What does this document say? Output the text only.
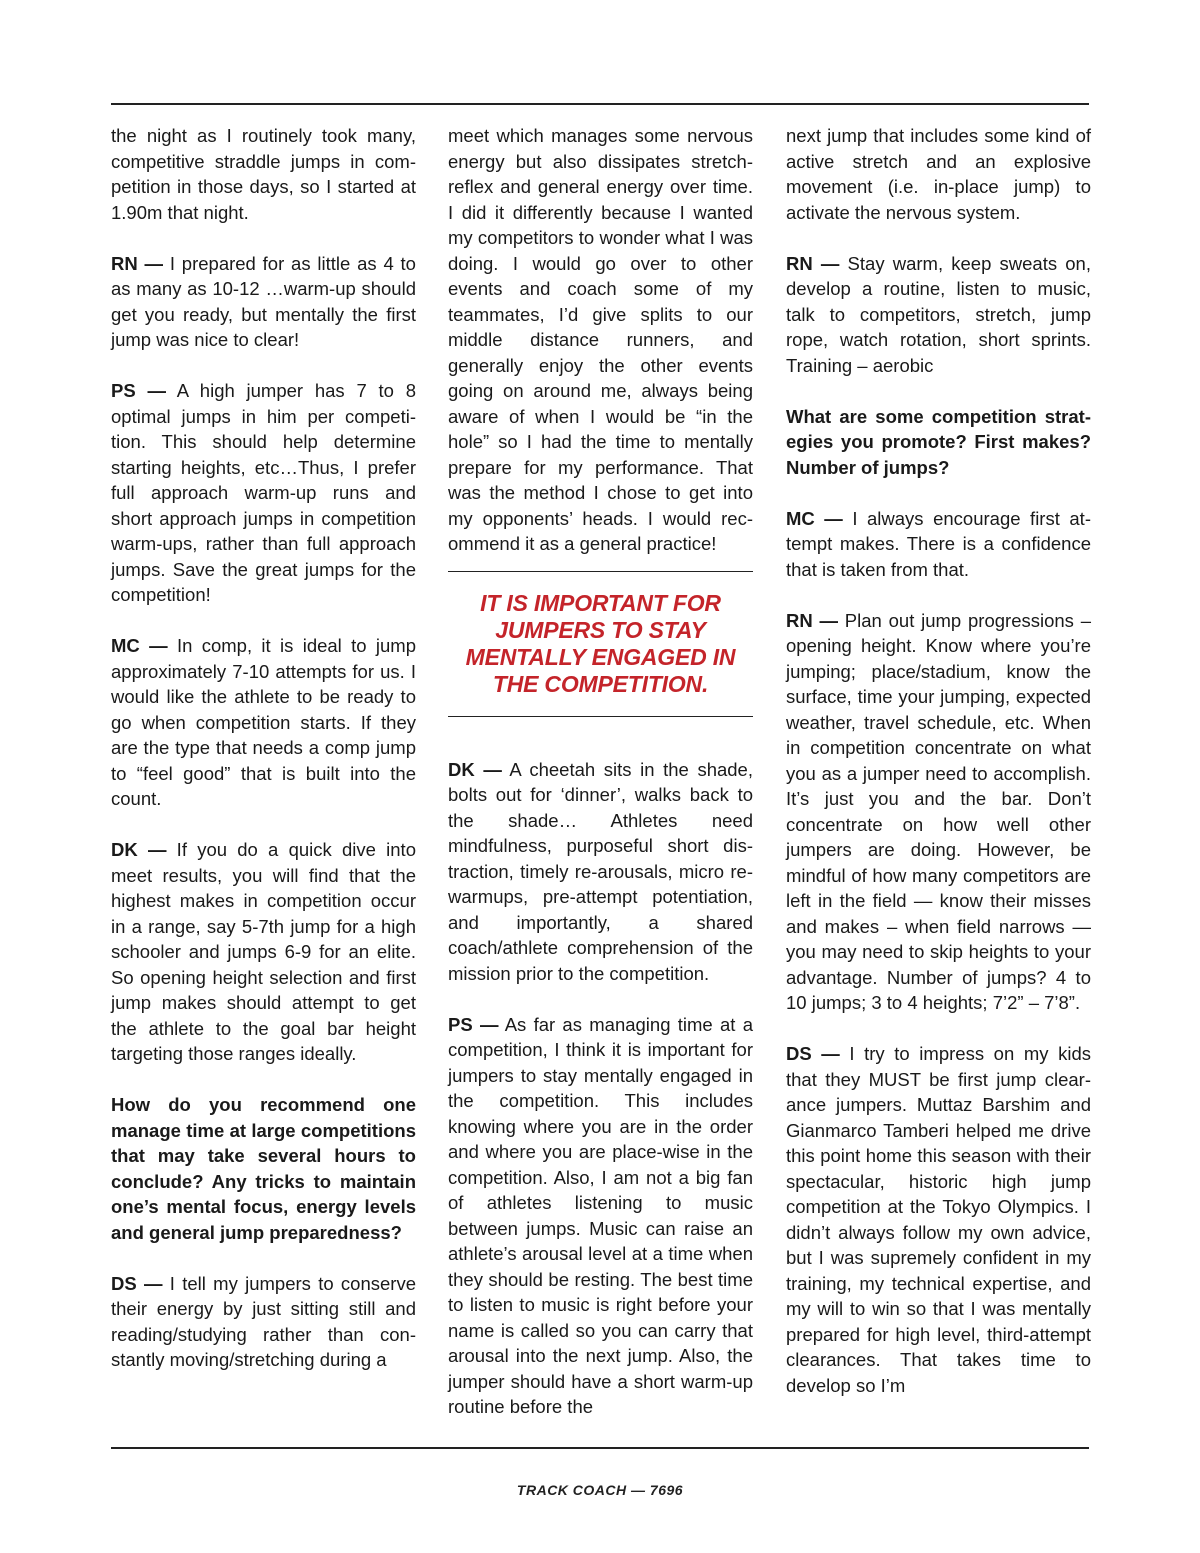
the night as I routinely took many, competitive straddle jumps in competition in those days, so I started at 1.90m that night.

RN — I prepared for as little as 4 to as many as 10-12 …warm-up should get you ready, but mentally the first jump was nice to clear!

PS — A high jumper has 7 to 8 optimal jumps in him per competition. This should help determine starting heights, etc…Thus, I prefer full approach warm-up runs and short approach jumps in competition warm-ups, rather than full approach jumps. Save the great jumps for the competition!

MC — In comp, it is ideal to jump approximately 7-10 attempts for us. I would like the athlete to be ready to go when competition starts. If they are the type that needs a comp jump to “feel good” that is built into the count.

DK — If you do a quick dive into meet results, you will find that the highest makes in competition occur in a range, say 5-7th jump for a high schooler and jumps 6-9 for an elite. So opening height selection and first jump makes should attempt to get the athlete to the goal bar height targeting those ranges ideally.

How do you recommend one manage time at large competitions that may take several hours to conclude? Any tricks to maintain one’s mental focus, energy levels and general jump preparedness?

DS — I tell my jumpers to conserve their energy by just sitting still and reading/studying rather than constantly moving/stretching during a

meet which manages some nervous energy but also dissipates stretch-reflex and general energy over time. I did it differently because I wanted my competitors to wonder what I was doing. I would go over to other events and coach some of my teammates, I’d give splits to our middle distance runners, and generally enjoy the other events going on around me, always being aware of when I would be “in the hole” so I had the time to mentally prepare for my performance. That was the method I chose to get into my opponents’ heads. I would recommend it as a general practice!

IT IS IMPORTANT FOR JUMPERS TO STAY MENTALLY ENGAGED IN THE COMPETITION.

DK — A cheetah sits in the shade, bolts out for ‘dinner’, walks back to the shade… Athletes need mindfulness, purposeful short distraction, timely re-arousals, micro re-warmups, pre-attempt potentiation, and importantly, a shared coach/athlete comprehension of the mission prior to the competition.

PS — As far as managing time at a competition, I think it is important for jumpers to stay mentally engaged in the competition. This includes knowing where you are in the order and where you are place-wise in the competition. Also, I am not a big fan of athletes listening to music between jumps. Music can raise an athlete’s arousal level at a time when they should be resting. The best time to listen to music is right before your name is called so you can carry that arousal into the next jump. Also, the jumper should have a short warm-up routine before the

next jump that includes some kind of active stretch and an explosive movement (i.e. in-place jump) to activate the nervous system.

RN — Stay warm, keep sweats on, develop a routine, listen to music, talk to competitors, stretch, jump rope, watch rotation, short sprints. Training – aerobic

What are some competition strategies you promote? First makes? Number of jumps?

MC — I always encourage first attempt makes. There is a confidence that is taken from that.

RN — Plan out jump progressions – opening height. Know where you’re jumping; place/stadium, know the surface, time your jumping, expected weather, travel schedule, etc. When in competition concentrate on what you as a jumper need to accomplish. It’s just you and the bar. Don’t concentrate on how well other jumpers are doing. However, be mindful of how many competitors are left in the field — know their misses and makes – when field narrows — you may need to skip heights to your advantage. Number of jumps? 4 to 10 jumps; 3 to 4 heights; 7’2” – 7’8”.

DS — I try to impress on my kids that they MUST be first jump clearance jumpers. Muttaz Barshim and Gianmarco Tamberi helped me drive this point home this season with their spectacular, historic high jump competition at the Tokyo Olympics. I didn’t always follow my own advice, but I was supremely confident in my training, my technical expertise, and my will to win so that I was mentally prepared for high level, third-attempt clearances. That takes time to develop so I’m

TRACK COACH — 7696
